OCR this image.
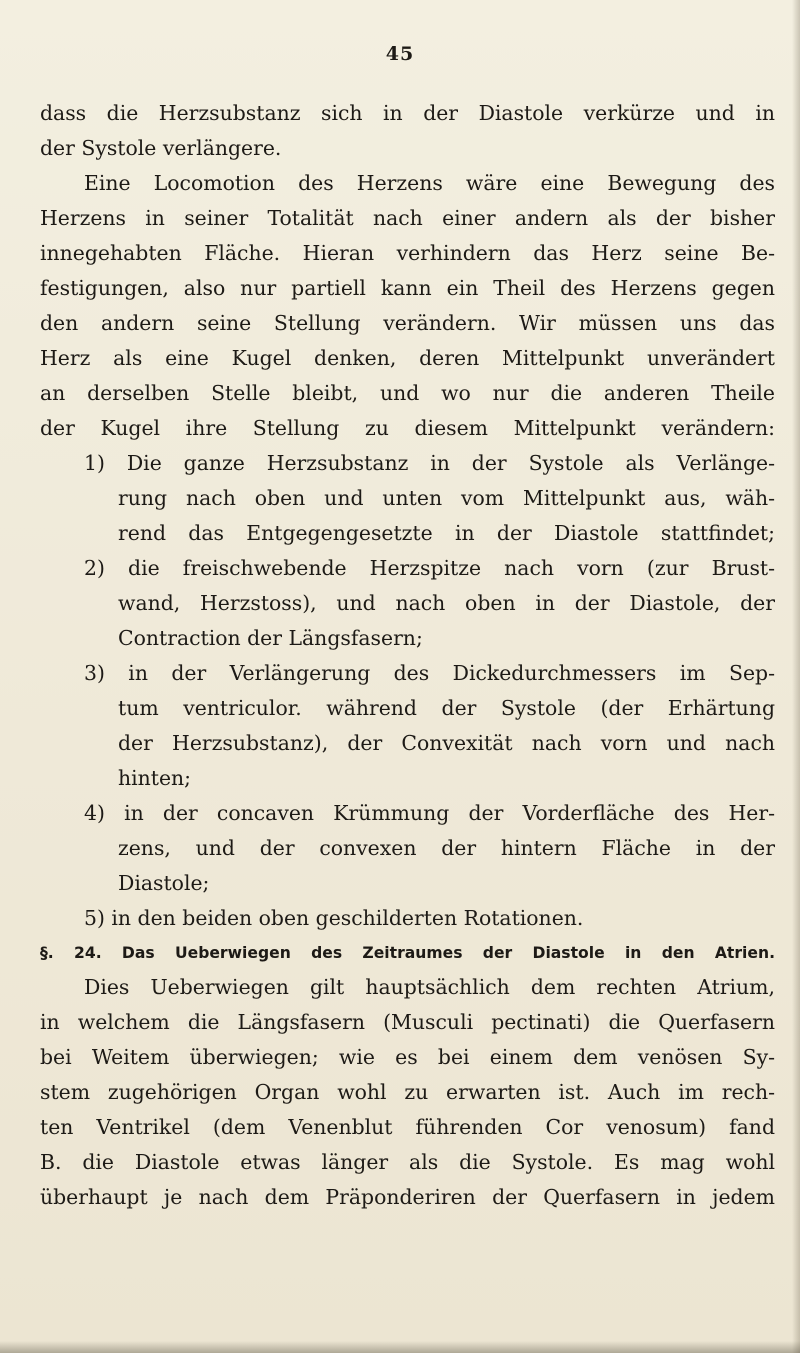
45
dass die Herzsubstanz sich in der Diastole verkürze und in
der Systole verlängere.
Eine Locomotion des Herzens wäre eine Bewegung des
Herzens in seiner Totalität nach einer andern als der bisher
innegehabten Fläche. Hieran verhindern das Herz seine Be-
festigungen, also nur partiell kann ein Theil des Herzens gegen
den andern seine Stellung verändern. Wir müssen uns das
Herz als eine Kugel denken, deren Mittelpunkt unverändert
an derselben Stelle bleibt, und wo nur die anderen Theile
der Kugel ihre Stellung zu diesem Mittelpunkt verändern:
1) Die ganze Herzsubstanz in der Systole als Verlänge-
rung nach oben und unten vom Mittelpunkt aus, wäh-
rend das Entgegengesetzte in der Diastole stattfindet;
2) die freischwebende Herzspitze nach vorn (zur Brust-
wand, Herzstoss), und nach oben in der Diastole, der
Contraction der Längsfasern;
3) in der Verlängerung des Dickedurchmessers im Sep-
tum ventriculor. während der Systole (der Erhärtung
der Herzsubstanz), der Convexität nach vorn und nach
hinten;
4) in der concaven Krümmung der Vorderfläche des Her-
zens, und der convexen der hintern Fläche in der
Diastole;
5) in den beiden oben geschilderten Rotationen.
§. 24. Das Ueberwiegen des Zeitraumes der Diastole in den Atrien.
Dies Ueberwiegen gilt hauptsächlich dem rechten Atrium,
in welchem die Längsfasern (Musculi pectinati) die Querfasern
bei Weitem überwiegen; wie es bei einem dem venösen Sy-
stem zugehörigen Organ wohl zu erwarten ist. Auch im rech-
ten Ventrikel (dem Venenblut führenden Cor venosum) fand
B. die Diastole etwas länger als die Systole. Es mag wohl
überhaupt je nach dem Präponderiren der Querfasern in jedem
